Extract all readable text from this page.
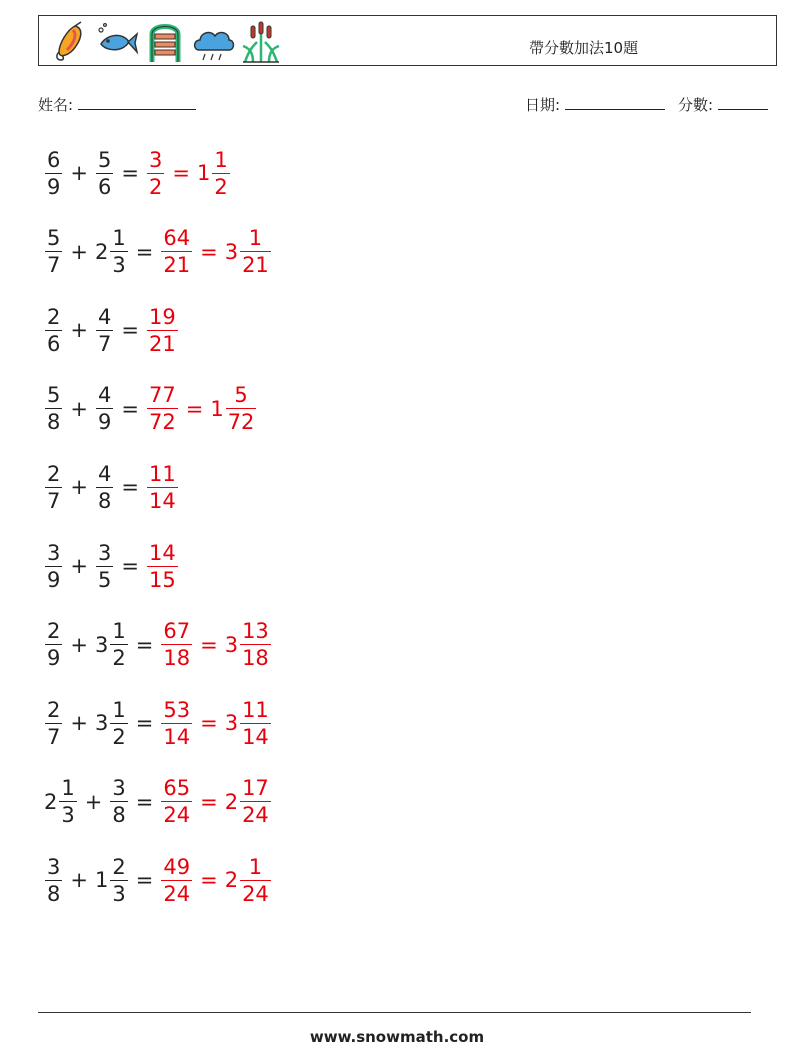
帶分數加法10題
姓名:	日期:	分數:
$\frac{6}{9} + \frac{5}{6} = \frac{3}{2} = 1 \frac{1}{2}$
$\frac{5}{7} + 2 \frac{1}{3} = \frac{64}{21} = 3 \frac{1}{21}$
$\frac{2}{6} + \frac{4}{7} = \frac{19}{21}$
$\frac{5}{8} + \frac{4}{9} = \frac{77}{72} = 1 \frac{5}{72}$
$\frac{2}{7} + \frac{4}{8} = \frac{11}{14}$
$\frac{3}{9} + \frac{3}{5} = \frac{14}{15}$
$\frac{2}{9} + 3 \frac{1}{2} = \frac{67}{18} = 3 \frac{13}{18}$
$\frac{2}{7} + 3 \frac{1}{2} = \frac{53}{14} = 3 \frac{11}{14}$
$2 \frac{1}{3} + \frac{3}{8} = \frac{65}{24} = 2 \frac{17}{24}$
$\frac{3}{8} + 1 \frac{2}{3} = \frac{49}{24} = 2 \frac{1}{24}$
www.snowmath.com
